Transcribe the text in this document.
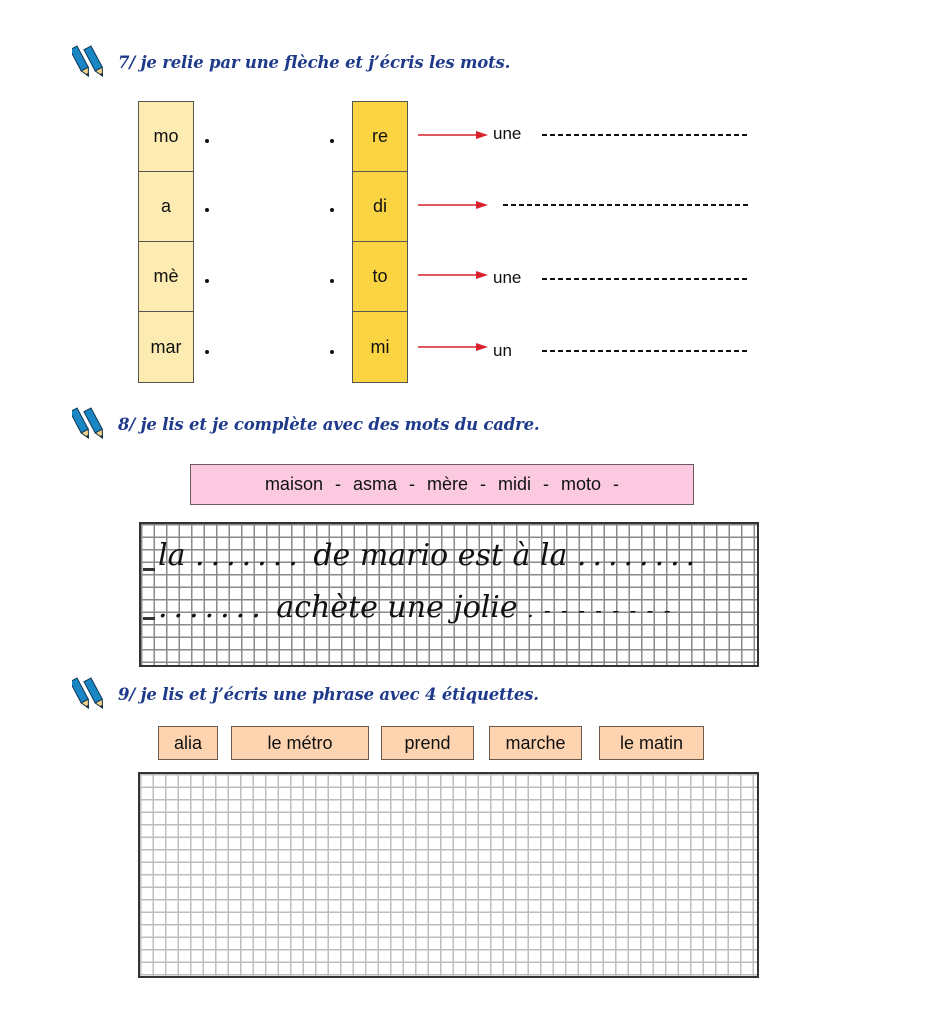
7/ je relie par une flèche et j’écris les mots.
mo
a
mè
mar
re
di
to
mi
une
une
un
8/ je lis et je complète avec des mots du cadre.
maison - asma - mère - midi - moto -
la ....... de mario est à la ........
....... achète une jolie . - - - - ‐ - - -
9/ je lis et j’écris une phrase avec 4 étiquettes.
alia	le métro	prend	marche	le matin
